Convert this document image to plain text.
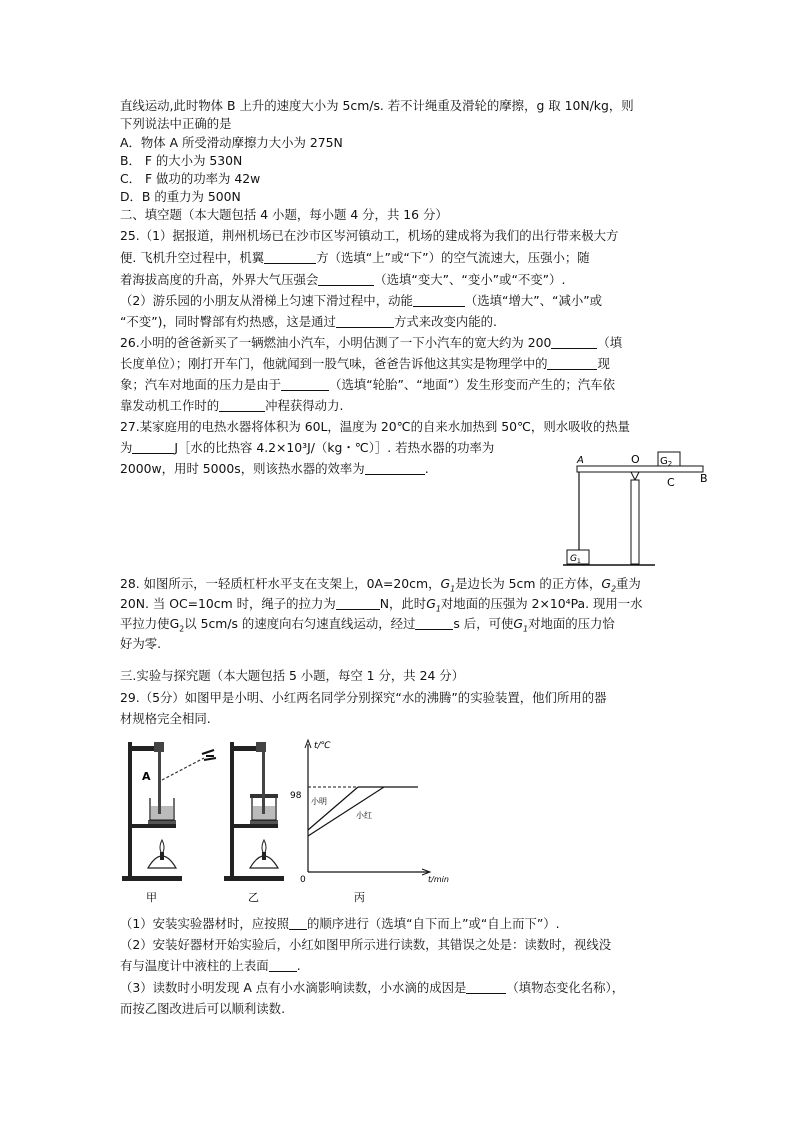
直线运动,此时物体 B 上升的速度大小为 5cm/s. 若不计绳重及滑轮的摩擦，g 取 10N/kg，则
下列说法中正确的是
A．物体 A 所受滑动摩擦力大小为 275N
B． F 的大小为 530N
C． F 做功的功率为 42w
D．B 的重力为 500N
二、填空题（本大题包括 4 小题，每小题 4 分，共 16 分）
25.（1）据报道，荆州机场已在沙市区岑河镇动工，机场的建成将为我们的出行带来极大方
便. 飞机升空过程中，机翼	方（选填“上”或“下”）的空气流速大，压强小；随
着海拔高度的升高，外界大气压强会	（选填“变大”、“变小”或“不变”）.
（2）游乐园的小朋友从滑梯上匀速下滑过程中，动能	（选填“增大”、“减小”或
“不变”)，同时臀部有灼热感，这是通过	方式来改变内能的.
26.小明的爸爸新买了一辆燃油小汽车，小明估测了一下小汽车的宽大约为 200	（填
长度单位）；刚打开车门，他就闻到一股气味，爸爸告诉他这其实是物理学中的	现
象；汽车对地面的压力是由于	（选填“轮胎”、“地面”）发生形变而产生的；汽车依
靠发动机工作时的	冲程获得动力.
27.某家庭用的电热水器将体积为 60L，温度为 20℃的自来水加热到 50℃，则水吸收的热量
为	J［水的比热容 4.2×10³J/（kg・℃）］. 若热水器的功率为
2000w，用时 5000s，则该热水器的效率为	.	$G_2$
$G_1$
A	O
C B
28. 如图所示，一轻质杠杆水平支在支架上，0A=20cm，$G_1$是边长为 5cm 的正方体，$G_2$重为
20N. 当 OC=10cm 时，绳子的拉力为	N，此时$G_1$对地面的压强为 2×10⁴Pa. 现用一水
平拉力使$G_2$以 5cm/s 的速度向右匀速直线运动，经过	s 后，可使$G_1$对地面的压力恰
好为零.
三.实验与探究题（本大题包括 5 小题，每空 1 分，共 24 分）
29.（5分）如图甲是小明、小红两名同学分别探究“水的沸腾”的实验装置，他们所用的器
材规格完全相同.
A
甲	乙
t/℃
t/min
0
98
小明
小红
丙
（1）安装实验器材时，应按照 的顺序进行（选填“自下而上”或“自上而下”）.
（2）安装好器材开始实验后，小红如图甲所示进行读数，其错误之处是：读数时，视线没
有与温度计中液柱的上表面 .
（3）读数时小明发现 A 点有小水滴影响读数，小水滴的成因是	（填物态变化名称），
而按乙图改进后可以顺利读数.
